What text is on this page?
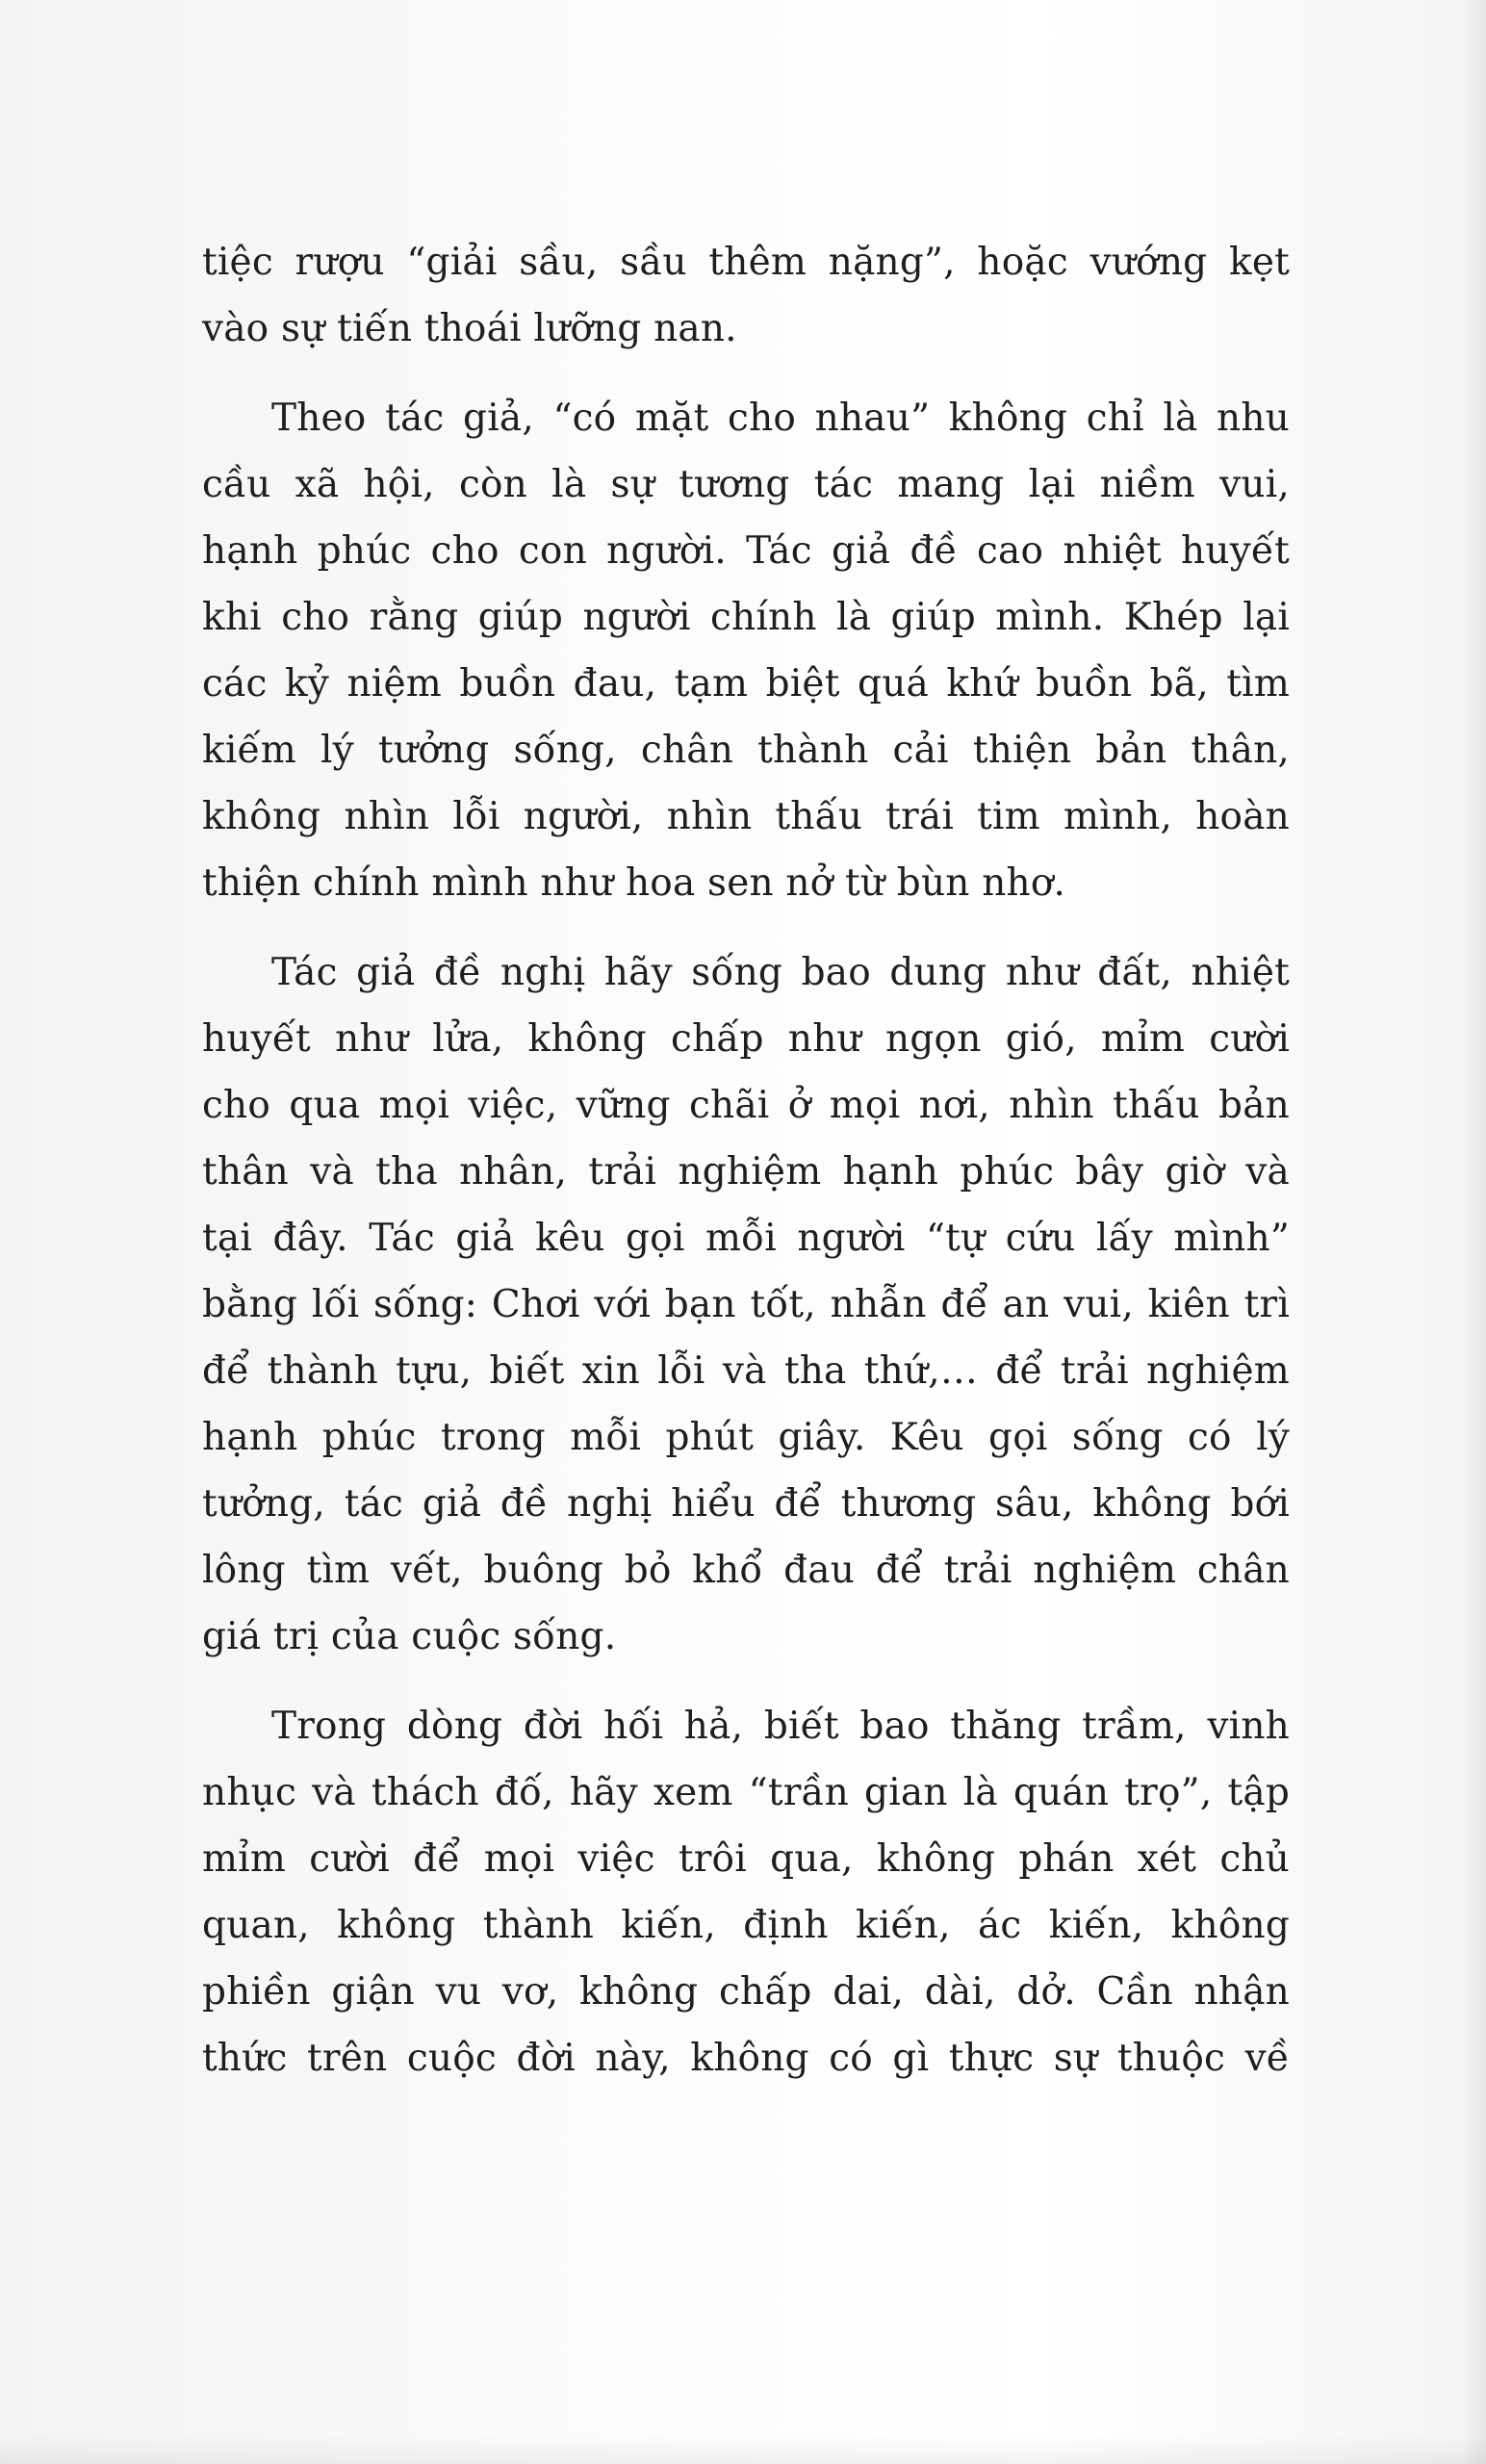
tiệc rượu “giải sầu, sầu thêm nặng”, hoặc vướng kẹt
vào sự tiến thoái lưỡng nan.
Theo tác giả, “có mặt cho nhau” không chỉ là nhu
cầu xã hội, còn là sự tương tác mang lại niềm vui,
hạnh phúc cho con người. Tác giả đề cao nhiệt huyết
khi cho rằng giúp người chính là giúp mình. Khép lại
các kỷ niệm buồn đau, tạm biệt quá khứ buồn bã, tìm
kiếm lý tưởng sống, chân thành cải thiện bản thân,
không nhìn lỗi người, nhìn thấu trái tim mình, hoàn
thiện chính mình như hoa sen nở từ bùn nhơ.
Tác giả đề nghị hãy sống bao dung như đất, nhiệt
huyết như lửa, không chấp như ngọn gió, mỉm cười
cho qua mọi việc, vững chãi ở mọi nơi, nhìn thấu bản
thân và tha nhân, trải nghiệm hạnh phúc bây giờ và
tại đây. Tác giả kêu gọi mỗi người “tự cứu lấy mình”
bằng lối sống: Chơi với bạn tốt, nhẫn để an vui, kiên trì
để thành tựu, biết xin lỗi và tha thứ,… để trải nghiệm
hạnh phúc trong mỗi phút giây. Kêu gọi sống có lý
tưởng, tác giả đề nghị hiểu để thương sâu, không bới
lông tìm vết, buông bỏ khổ đau để trải nghiệm chân
giá trị của cuộc sống.
Trong dòng đời hối hả, biết bao thăng trầm, vinh
nhục và thách đố, hãy xem “trần gian là quán trọ”, tập
mỉm cười để mọi việc trôi qua, không phán xét chủ
quan, không thành kiến, định kiến, ác kiến, không
phiền giận vu vơ, không chấp dai, dài, dở. Cần nhận
thức trên cuộc đời này, không có gì thực sự thuộc về
